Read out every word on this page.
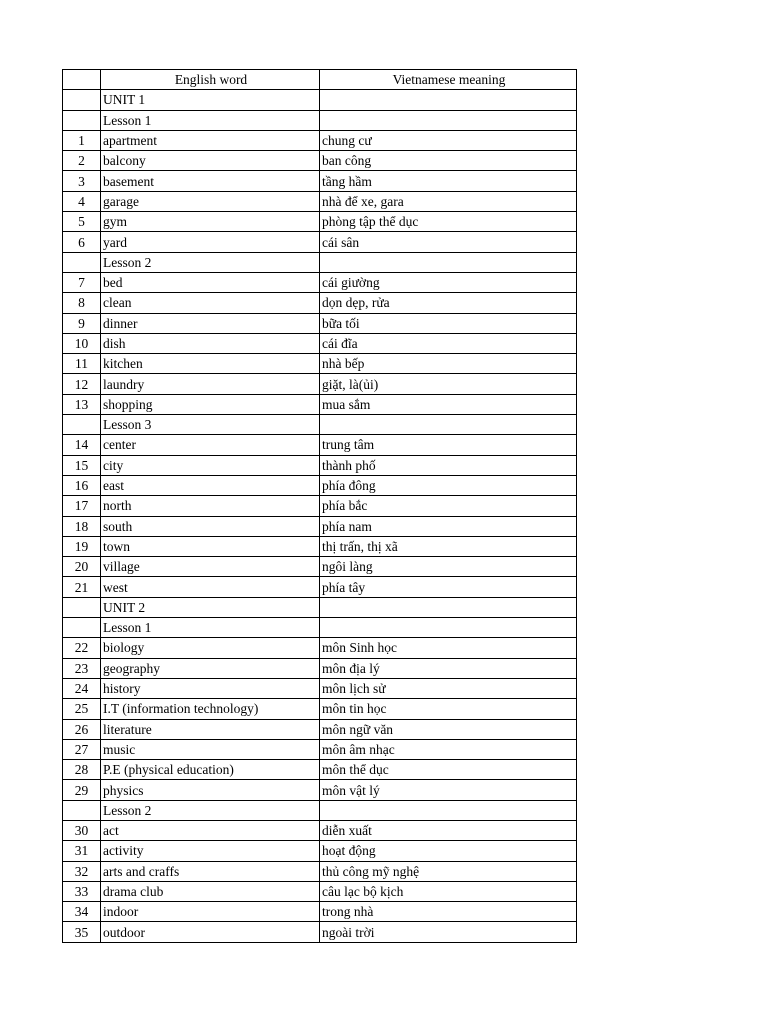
	English word	Vietnamese meaning
	UNIT 1	
	Lesson 1	
1	apartment	chung cư
2	balcony	ban công
3	basement	tầng hầm
4	garage	nhà để xe, gara
5	gym	phòng tập thể dục
6	yard	cái sân
	Lesson 2	
7	bed	cái giường
8	clean	dọn dẹp, rửa
9	dinner	bữa tối
10	dish	cái đĩa
11	kitchen	nhà bếp
12	laundry	giặt, là(ủi)
13	shopping	mua sắm
	Lesson 3	
14	center	trung tâm
15	city	thành phố
16	east	phía đông
17	north	phía bắc
18	south	phía nam
19	town	thị trấn, thị xã
20	village	ngôi làng
21	west	phía tây
	UNIT 2	
	Lesson 1	
22	biology	môn Sinh học
23	geography	môn địa lý
24	history	môn lịch sử
25	I.T (information technology)	môn tin học
26	literature	môn ngữ văn
27	music	môn âm nhạc
28	P.E (physical education)	môn thể dục
29	physics	môn vật lý
	Lesson 2	
30	act	diễn xuất
31	activity	hoạt động
32	arts and craffs	thủ công mỹ nghệ
33	drama club	câu lạc bộ kịch
34	indoor	trong nhà
35	outdoor	ngoài trời
